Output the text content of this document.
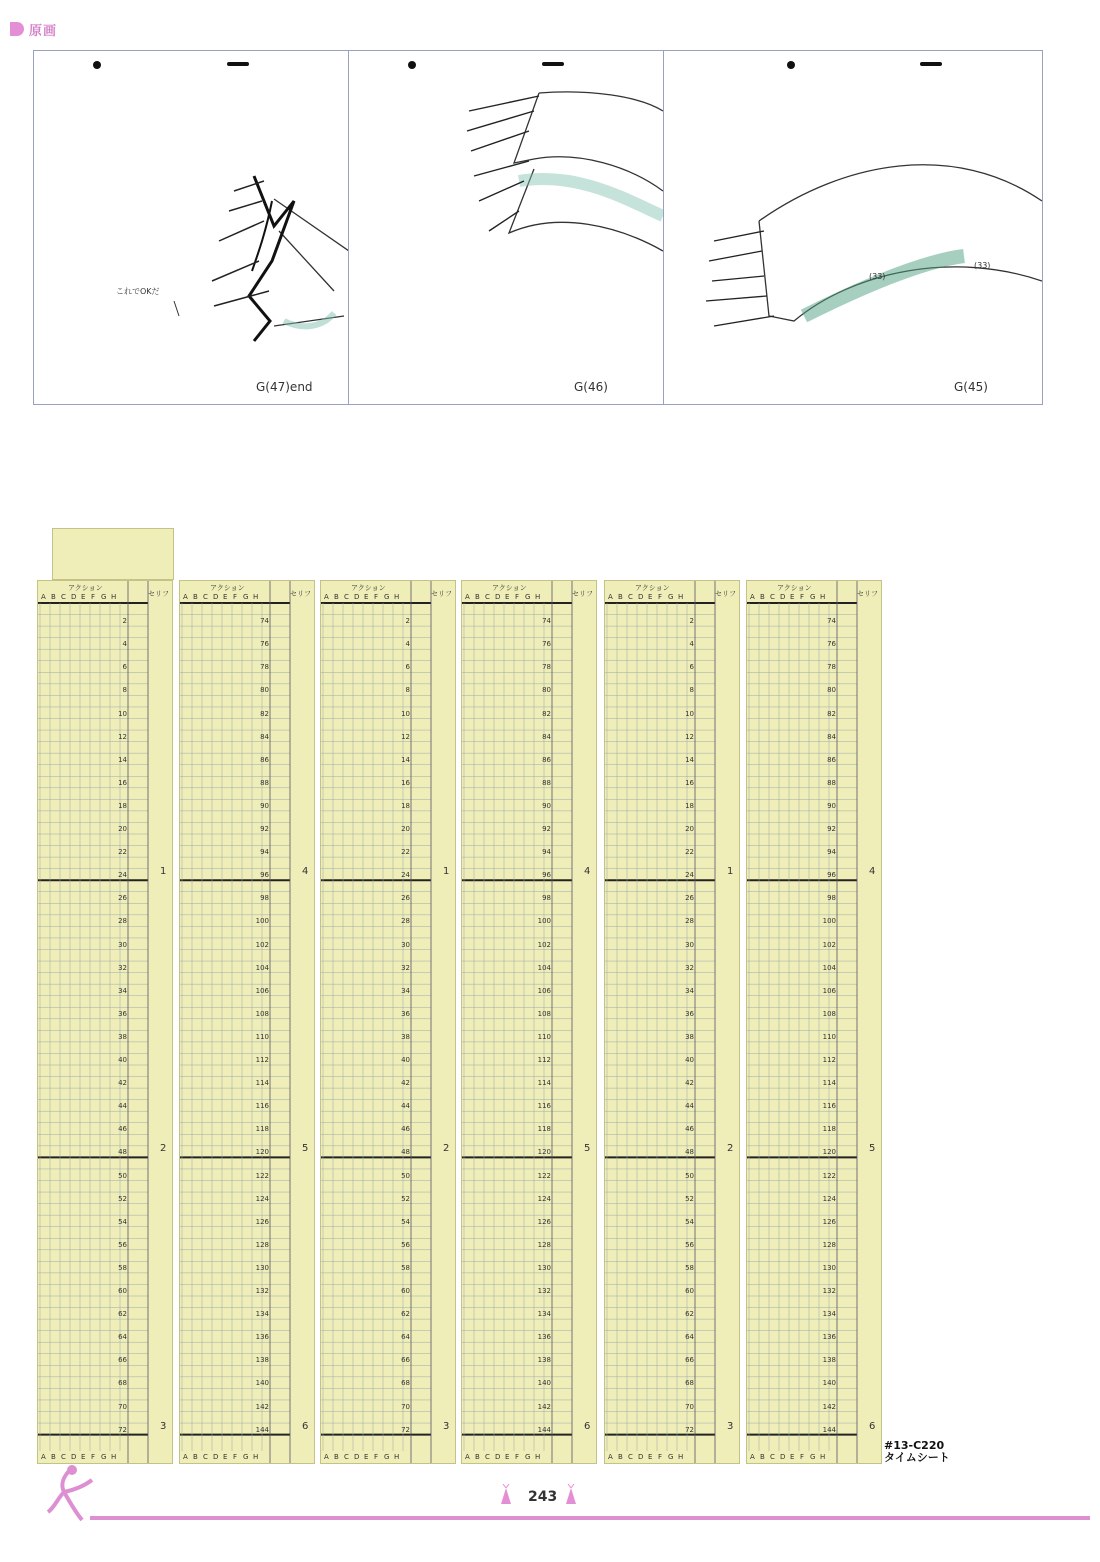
原画
これでOKだ
G(47)end	G(46)
(33)
(33)
G(45)
アクション
セリフ
A
A
B
B
C
C
D
D
E
E
F
F
G
G
H
H
2
4
6
8
10
12
14
16
18
20
22
24
26
28
30
32
34
36
38
40
42
44
46
48
50
52
54
56
58
60
62
64
66
68
70
72
1
2
3
アクション
セリフ
A
A
B
B
C
C
D
D
E
E
F
F
G
G
H
H
74
76
78
80
82
84
86
88
90
92
94
96
98
100
102
104
106
108
110
112
114
116
118
120
122
124
126
128
130
132
134
136
138
140
142
144
4
5
6
アクション
セリフ
A
A
B
B
C
C
D
D
E
E
F
F
G
G
H
H
2
4
6
8
10
12
14
16
18
20
22
24
26
28
30
32
34
36
38
40
42
44
46
48
50
52
54
56
58
60
62
64
66
68
70
72
1
2
3
アクション
セリフ
A
A
B
B
C
C
D
D
E
E
F
F
G
G
H
H
74
76
78
80
82
84
86
88
90
92
94
96
98
100
102
104
106
108
110
112
114
116
118
120
122
124
126
128
130
132
134
136
138
140
142
144
4
5
6
アクション
セリフ
A
A
B
B
C
C
D
D
E
E
F
F
G
G
H
H
2
4
6
8
10
12
14
16
18
20
22
24
26
28
30
32
34
36
38
40
42
44
46
48
50
52
54
56
58
60
62
64
66
68
70
72
1
2
3
アクション
セリフ
A
A
B
B
C
C
D
D
E
E
F
F
G
G
H
H
74
76
78
80
82
84
86
88
90
92
94
96
98
100
102
104
106
108
110
112
114
116
118
120
122
124
126
128
130
132
134
136
138
140
142
144
4
5
6
#13-C220
タイムシート
243
